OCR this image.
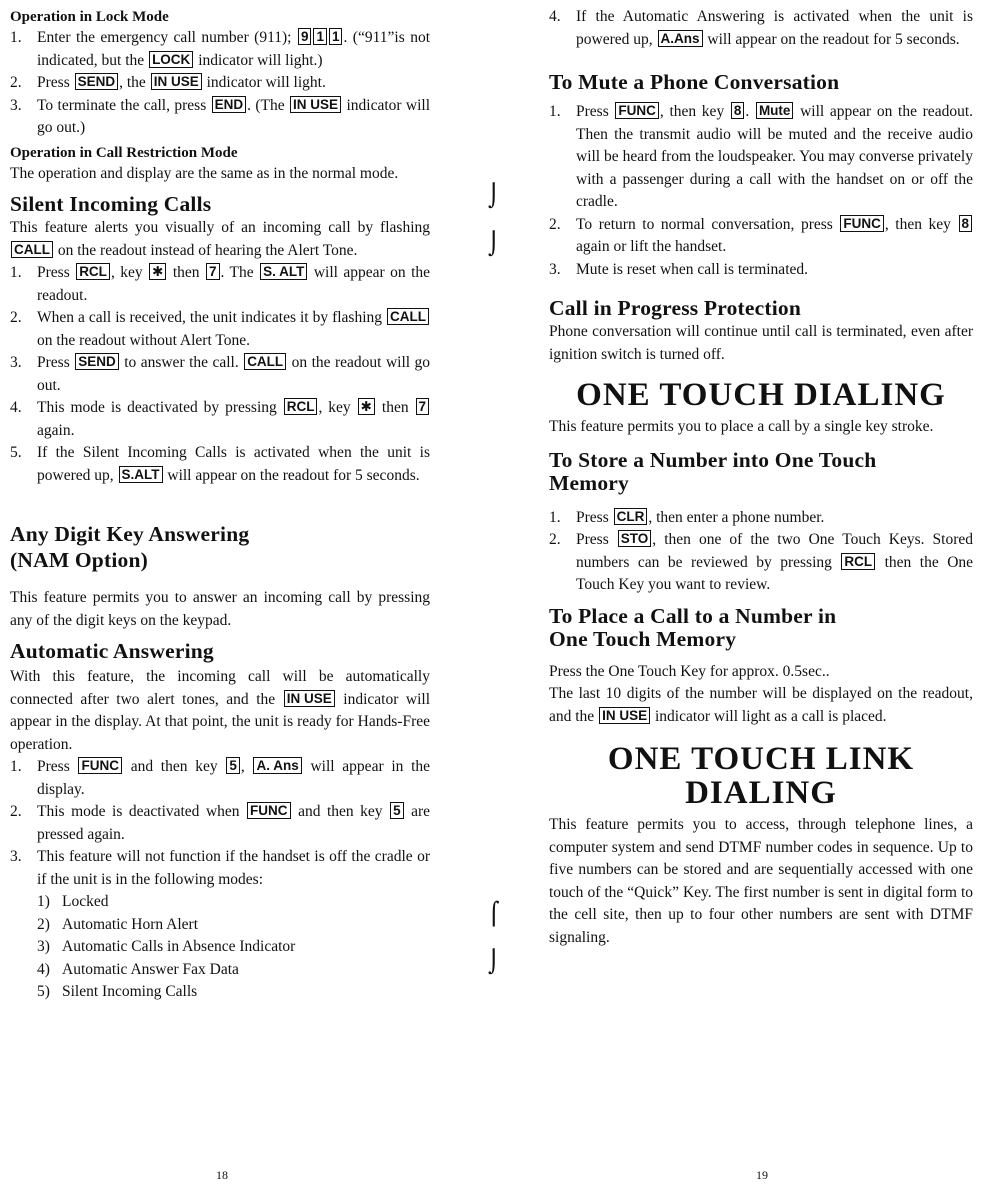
Operation in Lock Mode
1. Enter the emergency call number (911); 9 1 1 . (“911”is not indicated, but the LOCK indicator will light.)
2. Press SEND , the IN USE indicator will light.
3. To terminate the call, press END . (The IN USE indicator will go out.)
Operation in Call Restriction Mode

The operation and display are the same as in the normal mode.

Silent Incoming Calls

This feature alerts you visually of an incoming call by flashing CALL on the readout instead of hearing the Alert Tone.

1. Press RCL , key ✱ then 7 . The S. ALT will appear on the readout.
2. When a call is received, the unit indicates it by flashing CALL on the readout without Alert Tone.
3. Press SEND to answer the call. CALL on the readout will go out.
4. This mode is deactivated by pressing RCL , key ✱ then 7 again.
5. If the Silent Incoming Calls is activated when the unit is powered up, S.ALT will appear on the readout for 5 seconds.
Any Digit Key Answering
(NAM Option)

This feature permits you to answer an incoming call by pressing any of the digit keys on the keypad.

Automatic Answering

With this feature, the incoming call will be automatically connected after two alert tones, and the IN USE indicator will appear in the display. At that point, the unit is ready for Hands-Free operation.

1. Press FUNC and then key 5 , A. Ans will appear in the display.
2. This mode is deactivated when FUNC and then key 5 are pressed again.
3. This feature will not function if the handset is off the cradle or if the unit is in the following modes:
1) Locked
2) Automatic Horn Alert
3) Automatic Calls in Absence Indicator
4) Automatic Answer Fax Data
5) Silent Incoming Calls
18
⌡
⌡
⌠
⌡
4. If the Automatic Answering is activated when the unit is powered up, A.Ans will appear on the readout for 5 seconds.
To Mute a Phone Conversation
1. Press FUNC , then key 8 . Mute will appear on the readout. Then the transmit audio will be muted and the receive audio will be heard from the loudspeaker. You may converse privately with a passenger during a call with the handset on or off the cradle.
2. To return to normal conversation, press FUNC , then key 8 again or lift the handset.
3. Mute is reset when call is terminated.
Call in Progress Protection

Phone conversation will continue until call is terminated, even after ignition switch is turned off.

ONE TOUCH DIALING

This feature permits you to place a call by a single key stroke.

To Store a Number into One Touch
Memory
1. Press CLR , then enter a phone number.
2. Press STO , then one of the two One Touch Keys. Stored numbers can be reviewed by pressing RCL then the One Touch Key you want to review.
To Place a Call to a Number in
One Touch Memory

Press the One Touch Key for approx. 0.5sec..

The last 10 digits of the number will be displayed on the readout, and the IN USE indicator will light as a call is placed.

ONE TOUCH LINK
DIALING

This feature permits you to access, through telephone lines, a computer system and send DTMF number codes in sequence. Up to five numbers can be stored and are sequentially accessed with one touch of the “Quick” Key. The first number is sent in digital form to the cell site, then up to four other numbers are sent with DTMF signaling.

19
